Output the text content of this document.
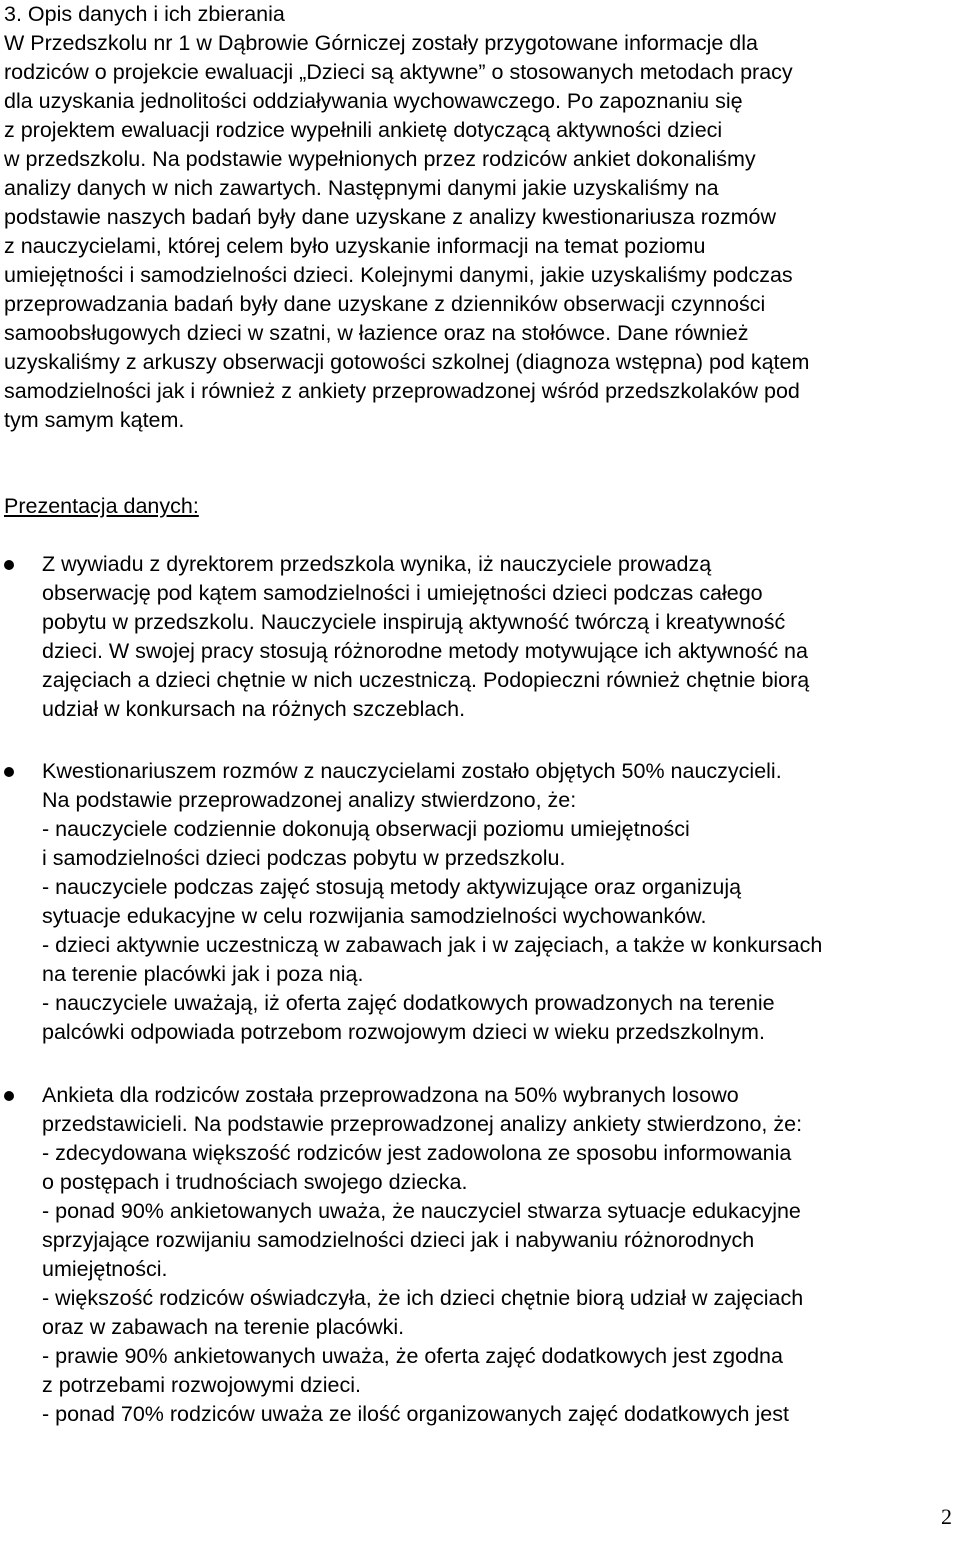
3. Opis danych i ich zbierania
W Przedszkolu nr 1 w Dąbrowie Górniczej zostały przygotowane informacje dla
rodziców o projekcie ewaluacji „Dzieci są aktywne” o stosowanych metodach pracy
dla uzyskania jednolitości oddziaływania wychowawczego. Po zapoznaniu się
z projektem ewaluacji rodzice wypełnili ankietę dotyczącą aktywności dzieci
w przedszkolu. Na podstawie wypełnionych przez rodziców ankiet dokonaliśmy
analizy danych w nich zawartych. Następnymi danymi jakie uzyskaliśmy na
podstawie naszych badań były dane uzyskane z analizy kwestionariusza rozmów
z nauczycielami, której celem było uzyskanie informacji na temat poziomu
umiejętności i samodzielności dzieci. Kolejnymi danymi, jakie uzyskaliśmy podczas
przeprowadzania badań były dane uzyskane z dzienników obserwacji czynności
samoobsługowych dzieci w szatni, w łazience oraz na stołówce. Dane również
uzyskaliśmy z arkuszy obserwacji gotowości szkolnej (diagnoza wstępna) pod kątem
samodzielności jak i również z ankiety przeprowadzonej wśród przedszkolaków pod
tym samym kątem.
Prezentacja danych:
Z wywiadu z dyrektorem przedszkola wynika, iż nauczyciele prowadzą
obserwację pod kątem samodzielności i umiejętności dzieci podczas całego
pobytu w przedszkolu. Nauczyciele inspirują aktywność twórczą i kreatywność
dzieci. W swojej pracy stosują różnorodne metody motywujące ich aktywność na
zajęciach a dzieci chętnie w nich uczestniczą. Podopieczni również chętnie biorą
udział w konkursach na różnych szczeblach.
Kwestionariuszem rozmów z nauczycielami zostało objętych 50% nauczycieli.
Na podstawie przeprowadzonej analizy stwierdzono, że:
- nauczyciele codziennie dokonują obserwacji poziomu umiejętności
i samodzielności dzieci podczas pobytu w przedszkolu.
- nauczyciele podczas zajęć stosują metody aktywizujące oraz organizują
sytuacje edukacyjne w celu rozwijania samodzielności wychowanków.
- dzieci aktywnie uczestniczą w zabawach jak i w zajęciach, a także w konkursach
na terenie placówki jak i poza nią.
- nauczyciele uważają, iż oferta zajęć dodatkowych prowadzonych na terenie
palcówki odpowiada potrzebom rozwojowym dzieci w wieku przedszkolnym.
Ankieta dla rodziców została przeprowadzona na 50% wybranych losowo
przedstawicieli. Na podstawie przeprowadzonej analizy ankiety stwierdzono, że:
- zdecydowana większość rodziców jest zadowolona ze sposobu informowania
o postępach i trudnościach swojego dziecka.
- ponad 90% ankietowanych uważa, że nauczyciel stwarza sytuacje edukacyjne
sprzyjające rozwijaniu samodzielności dzieci jak i nabywaniu różnorodnych
umiejętności.
- większość rodziców oświadczyła, że ich dzieci chętnie biorą udział w zajęciach
oraz w zabawach na terenie placówki.
- prawie 90% ankietowanych uważa, że oferta zajęć dodatkowych jest zgodna
z potrzebami rozwojowymi dzieci.
- ponad 70% rodziców uważa ze ilość organizowanych zajęć dodatkowych jest
2
